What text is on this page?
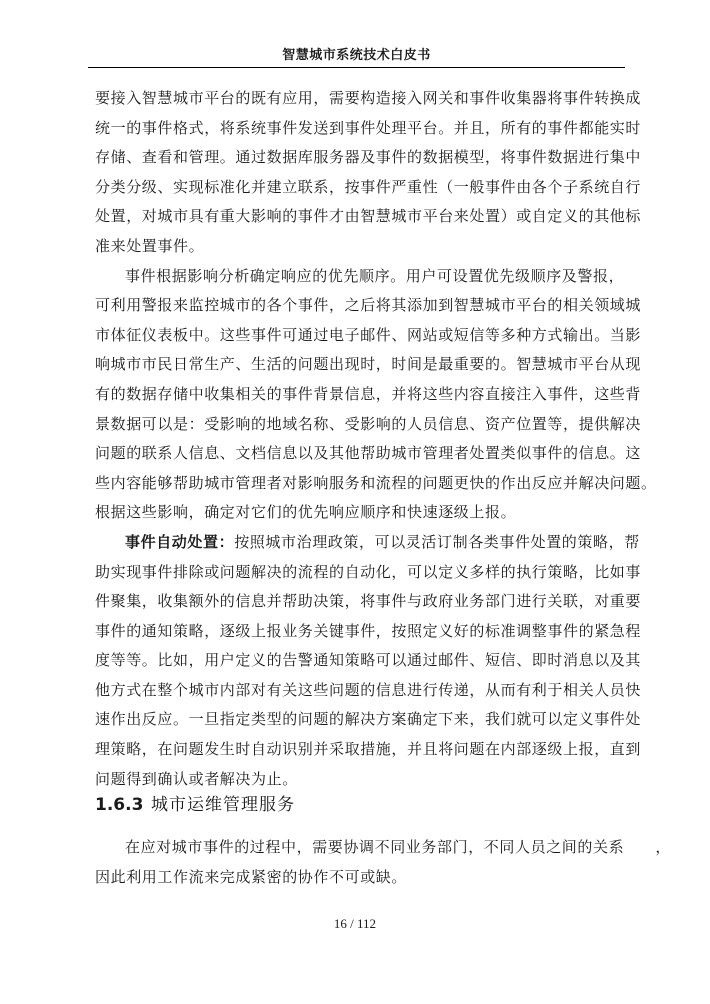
智慧城市系统技术白皮书
要接入智慧城市平台的既有应用，需要构造接入网关和事件收集器将事件转换成
统一的事件格式，将系统事件发送到事件处理平台。并且，所有的事件都能实时
存储、查看和管理。通过数据库服务器及事件的数据模型，将事件数据进行集中
分类分级、实现标准化并建立联系，按事件严重性（一般事件由各个子系统自行
处置，对城市具有重大影响的事件才由智慧城市平台来处置）或自定义的其他标
准来处置事件。
事件根据影响分析确定响应的优先顺序。用户可设置优先级顺序及警报，
可利用警报来监控城市的各个事件，之后将其添加到智慧城市平台的相关领域城
市体征仪表板中。这些事件可通过电子邮件、网站或短信等多种方式输出。当影
响城市市民日常生产、生活的问题出现时，时间是最重要的。智慧城市平台从现
有的数据存储中收集相关的事件背景信息，并将这些内容直接注入事件，这些背
景数据可以是：受影响的地域名称、受影响的人员信息、资产位置等，提供解决
问题的联系人信息、文档信息以及其他帮助城市管理者处置类似事件的信息。这
些内容能够帮助城市管理者对影响服务和流程的问题更快的作出反应并解决问题。
根据这些影响，确定对它们的优先响应顺序和快速逐级上报。
事件自动处置：按照城市治理政策，可以灵活订制各类事件处置的策略，帮
助实现事件排除或问题解决的流程的自动化，可以定义多样的执行策略，比如事
件聚集，收集额外的信息并帮助决策，将事件与政府业务部门进行关联，对重要
事件的通知策略，逐级上报业务关键事件，按照定义好的标准调整事件的紧急程
度等等。比如，用户定义的告警通知策略可以通过邮件、短信、即时消息以及其
他方式在整个城市内部对有关这些问题的信息进行传递，从而有利于相关人员快
速作出反应。一旦指定类型的问题的解决方案确定下来，我们就可以定义事件处
理策略，在问题发生时自动识别并采取措施，并且将问题在内部逐级上报，直到
问题得到确认或者解决为止。
1.6.3 城市运维管理服务
在应对城市事件的过程中，需要协调不同业务部门，不同人员之间的关系　　，
因此利用工作流来完成紧密的协作不可或缺。
16 / 112
